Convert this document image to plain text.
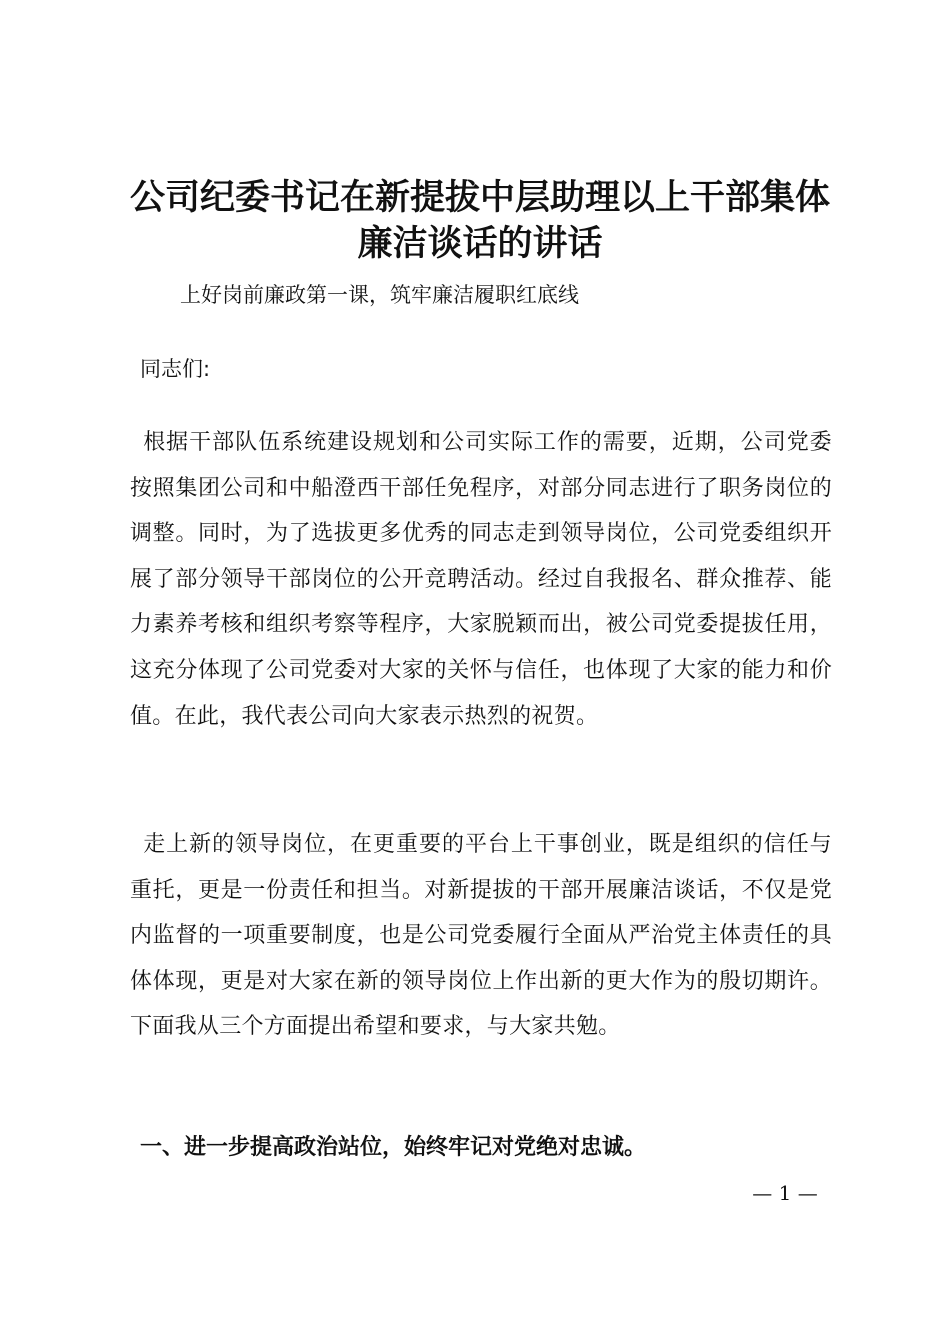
公司纪委书记在新提拔中层助理以上干部集体
廉洁谈话的讲话

上好岗前廉政第一课，筑牢廉洁履职红底线

同志们:

根据干部队伍系统建设规划和公司实际工作的需要，近期，公司党委按照集团公司和中船澄西干部任免程序，对部分同志进行了职务岗位的调整。同时，为了选拔更多优秀的同志走到领导岗位，公司党委组织开展了部分领导干部岗位的公开竞聘活动。经过自我报名、群众推荐、能力素养考核和组织考察等程序，大家脱颖而出，被公司党委提拔任用，这充分体现了公司党委对大家的关怀与信任，也体现了大家的能力和价值。在此，我代表公司向大家表示热烈的祝贺。

走上新的领导岗位，在更重要的平台上干事创业，既是组织的信任与重托，更是一份责任和担当。对新提拔的干部开展廉洁谈话，不仅是党内监督的一项重要制度，也是公司党委履行全面从严治党主体责任的具体体现，更是对大家在新的领导岗位上作出新的更大作为的殷切期许。下面我从三个方面提出希望和要求，与大家共勉。

一、进一步提高政治站位，始终牢记对党绝对忠诚。
— 1 —
